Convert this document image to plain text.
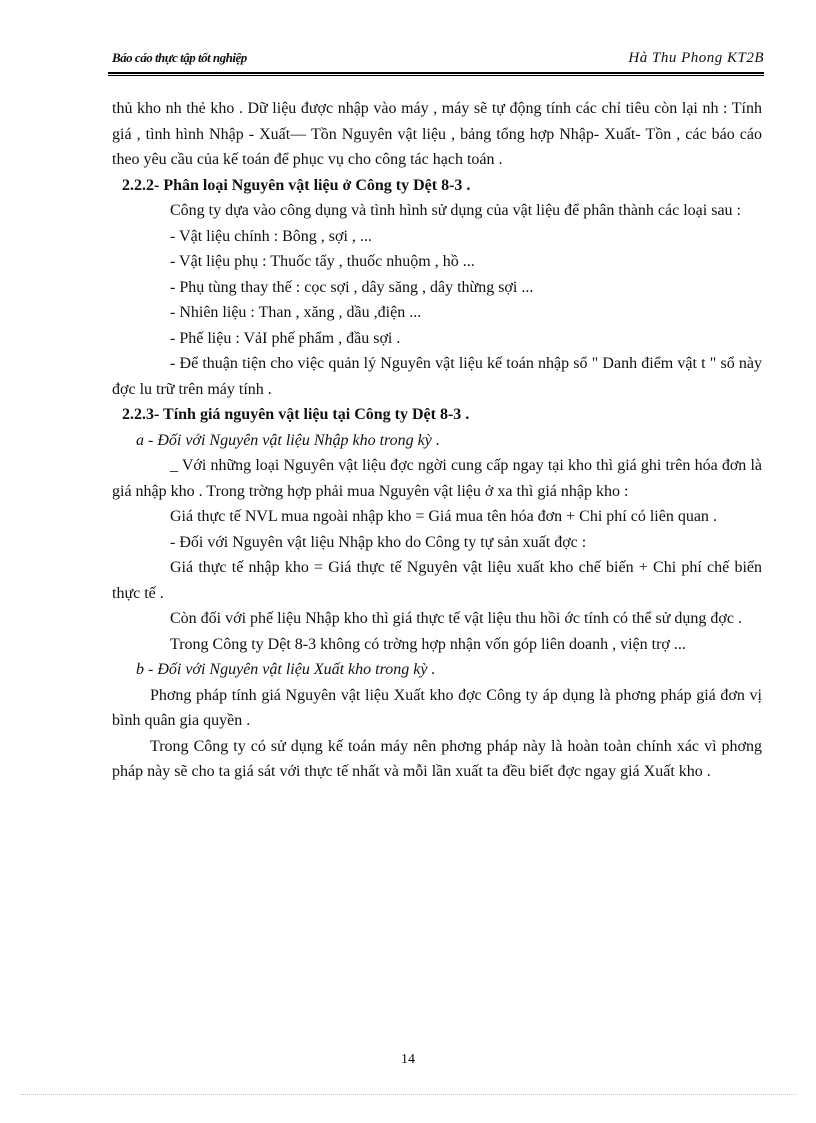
Báo cáo thực tập tốt nghiệp	Hà Thu Phong KT2B

thủ kho nh thẻ kho . Dữ liệu được nhập vào máy , máy sẽ tự động tính các chỉ tiêu còn lại nh : Tính giá , tình hình Nhập - Xuất— Tồn Nguyên vật liệu , bảng tổng hợp Nhập- Xuất- Tồn , các báo cáo theo yêu cầu của kế toán để phục vụ cho công tác hạch toán .

2.2.2- Phân loại Nguyên vật liệu ở Công ty Dệt 8-3 .

Công ty dựa vào công dụng và tình hình sử dụng của vật liệu để phân thành các loại sau :

- Vật liệu chính : Bông , sợi , ...

- Vật liệu phụ : Thuốc tẩy , thuốc nhuộm , hồ ...

- Phụ tùng thay thế : cọc sợi , dây săng , dây thừng sợi ...

- Nhiên liệu : Than , xăng , dầu ,điện ...

- Phế liệu : VảI phế phẩm , đầu sợi .

- Để thuận tiện cho việc quản lý Nguyên vật liệu kế toán nhập sổ " Danh điểm vật t " sổ này đợc lu trữ trên máy tính .

2.2.3- Tính giá nguyên vật liệu tại Công ty Dệt 8-3 .

a - Đối với Nguyên vật liệu Nhập kho trong kỳ .

_ Với những loại Nguyên vật liệu đợc ngời cung cấp ngay tại kho thì giá ghi trên hóa đơn là giá nhập kho . Trong trờng hợp phải mua Nguyên vật liệu ở xa thì giá nhập kho :

Giá thực tế NVL mua ngoài nhập kho = Giá mua tên hóa đơn + Chi phí có liên quan .

- Đối với Nguyên vật liệu Nhập kho do Công ty tự sản xuất đợc :

Giá thực tế nhập kho = Giá thực tế Nguyên vật liệu xuất kho chế biến + Chi phí chế biến thực tế .

Còn đối với phế liệu Nhập kho thì giá thực tế vật liệu thu hồi ớc tính có thể sử dụng đợc .

Trong Công ty Dệt 8-3 không có trờng hợp nhận vốn góp liên doanh , viện trợ ...

b - Đối với Nguyên vật liệu Xuất kho trong kỳ .

Phơng pháp tính giá Nguyên vật liệu Xuất kho đợc Công ty áp dụng là phơng pháp giá đơn vị bình quân gia quyền .

Trong Công ty có sử dụng kế toán máy nên phơng pháp này là hoàn toàn chính xác vì phơng pháp này sẽ cho ta giá sát với thực tế nhất và mỗi lần xuất ta đều biết đợc ngay giá Xuất kho .

14
